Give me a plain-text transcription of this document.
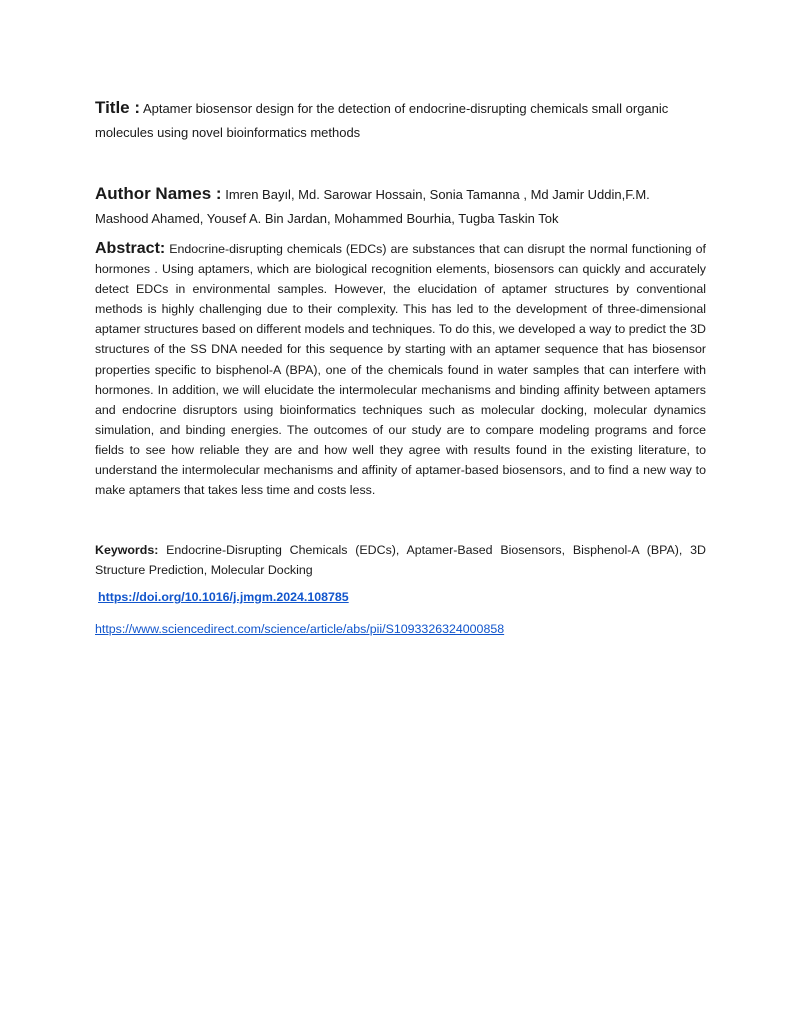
Title : Aptamer biosensor design for the detection of endocrine-disrupting chemicals small organic molecules using novel bioinformatics methods
Author Names : Imren Bayıl, Md. Sarowar Hossain, Sonia Tamanna , Md Jamir Uddin,F.M. Mashood Ahamed, Yousef A. Bin Jardan, Mohammed Bourhia, Tugba Taskin Tok
Abstract: Endocrine-disrupting chemicals (EDCs) are substances that can disrupt the normal functioning of hormones . Using aptamers, which are biological recognition elements, biosensors can quickly and accurately detect EDCs in environmental samples. However, the elucidation of aptamer structures by conventional methods is highly challenging due to their complexity. This has led to the development of three-dimensional aptamer structures based on different models and techniques. To do this, we developed a way to predict the 3D structures of the SS DNA needed for this sequence by starting with an aptamer sequence that has biosensor properties specific to bisphenol-A (BPA), one of the chemicals found in water samples that can interfere with hormones. In addition, we will elucidate the intermolecular mechanisms and binding affinity between aptamers and endocrine disruptors using bioinformatics techniques such as molecular docking, molecular dynamics simulation, and binding energies. The outcomes of our study are to compare modeling programs and force fields to see how reliable they are and how well they agree with results found in the existing literature, to understand the intermolecular mechanisms and affinity of aptamer-based biosensors, and to find a new way to make aptamers that takes less time and costs less.
Keywords: Endocrine-Disrupting Chemicals (EDCs), Aptamer-Based Biosensors, Bisphenol-A (BPA), 3D Structure Prediction, Molecular Docking
https://doi.org/10.1016/j.jmgm.2024.108785
https://www.sciencedirect.com/science/article/abs/pii/S1093326324000858
